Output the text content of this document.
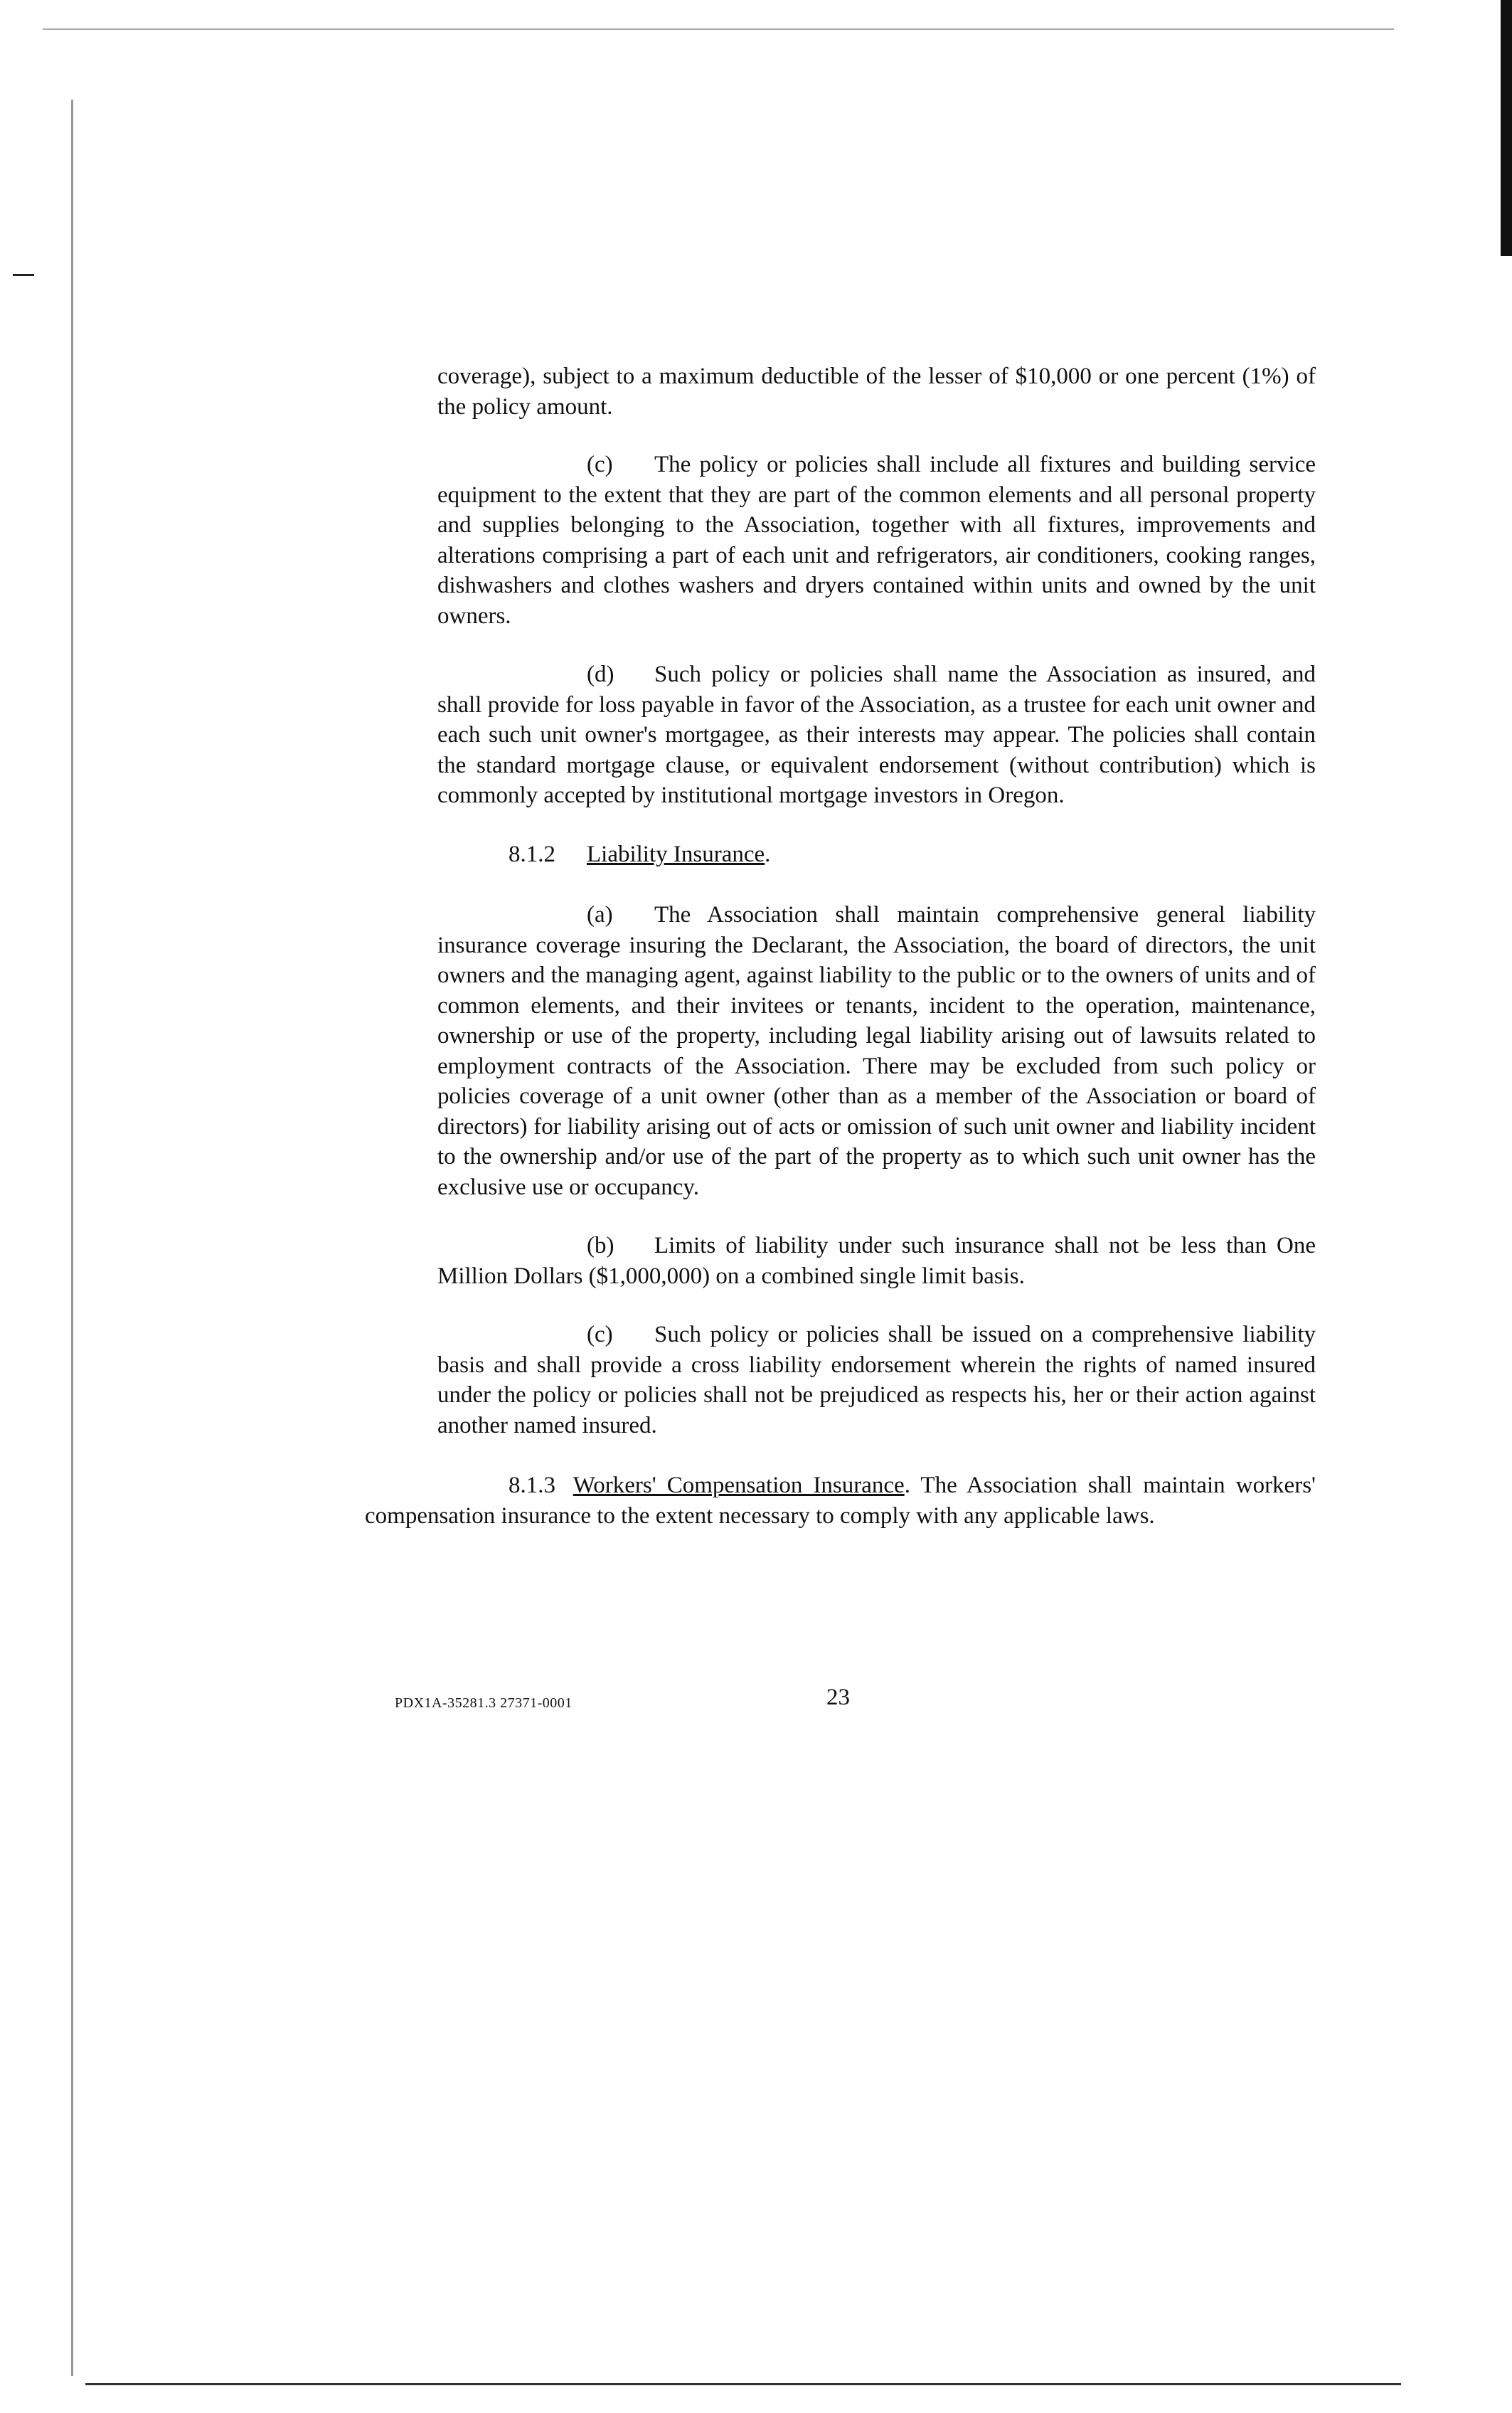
coverage), subject to a maximum deductible of the lesser of $10,000 or one percent (1%) of the policy amount.

(c) The policy or policies shall include all fixtures and building service equipment to the extent that they are part of the common elements and all personal property and supplies belonging to the Association, together with all fixtures, improvements and alterations comprising a part of each unit and refrigerators, air conditioners, cooking ranges, dishwashers and clothes washers and dryers contained within units and owned by the unit owners.

(d) Such policy or policies shall name the Association as insured, and shall provide for loss payable in favor of the Association, as a trustee for each unit owner and each such unit owner's mortgagee, as their interests may appear. The policies shall contain the standard mortgage clause, or equivalent endorsement (without contribution) which is commonly accepted by institutional mortgage investors in Oregon.

8.1.2 Liability Insurance.

(a) The Association shall maintain comprehensive general liability insurance coverage insuring the Declarant, the Association, the board of directors, the unit owners and the managing agent, against liability to the public or to the owners of units and of common elements, and their invitees or tenants, incident to the operation, maintenance, ownership or use of the property, including legal liability arising out of lawsuits related to employment contracts of the Association. There may be excluded from such policy or policies coverage of a unit owner (other than as a member of the Association or board of directors) for liability arising out of acts or omission of such unit owner and liability incident to the ownership and/or use of the part of the property as to which such unit owner has the exclusive use or occupancy.

(b) Limits of liability under such insurance shall not be less than One Million Dollars ($1,000,000) on a combined single limit basis.

(c) Such policy or policies shall be issued on a comprehensive liability basis and shall provide a cross liability endorsement wherein the rights of named insured under the policy or policies shall not be prejudiced as respects his, her or their action against another named insured.

8.1.3 Workers' Compensation Insurance. The Association shall maintain workers' compensation insurance to the extent necessary to comply with any applicable laws.

PDX1A-35281.3 27371-0001	23
